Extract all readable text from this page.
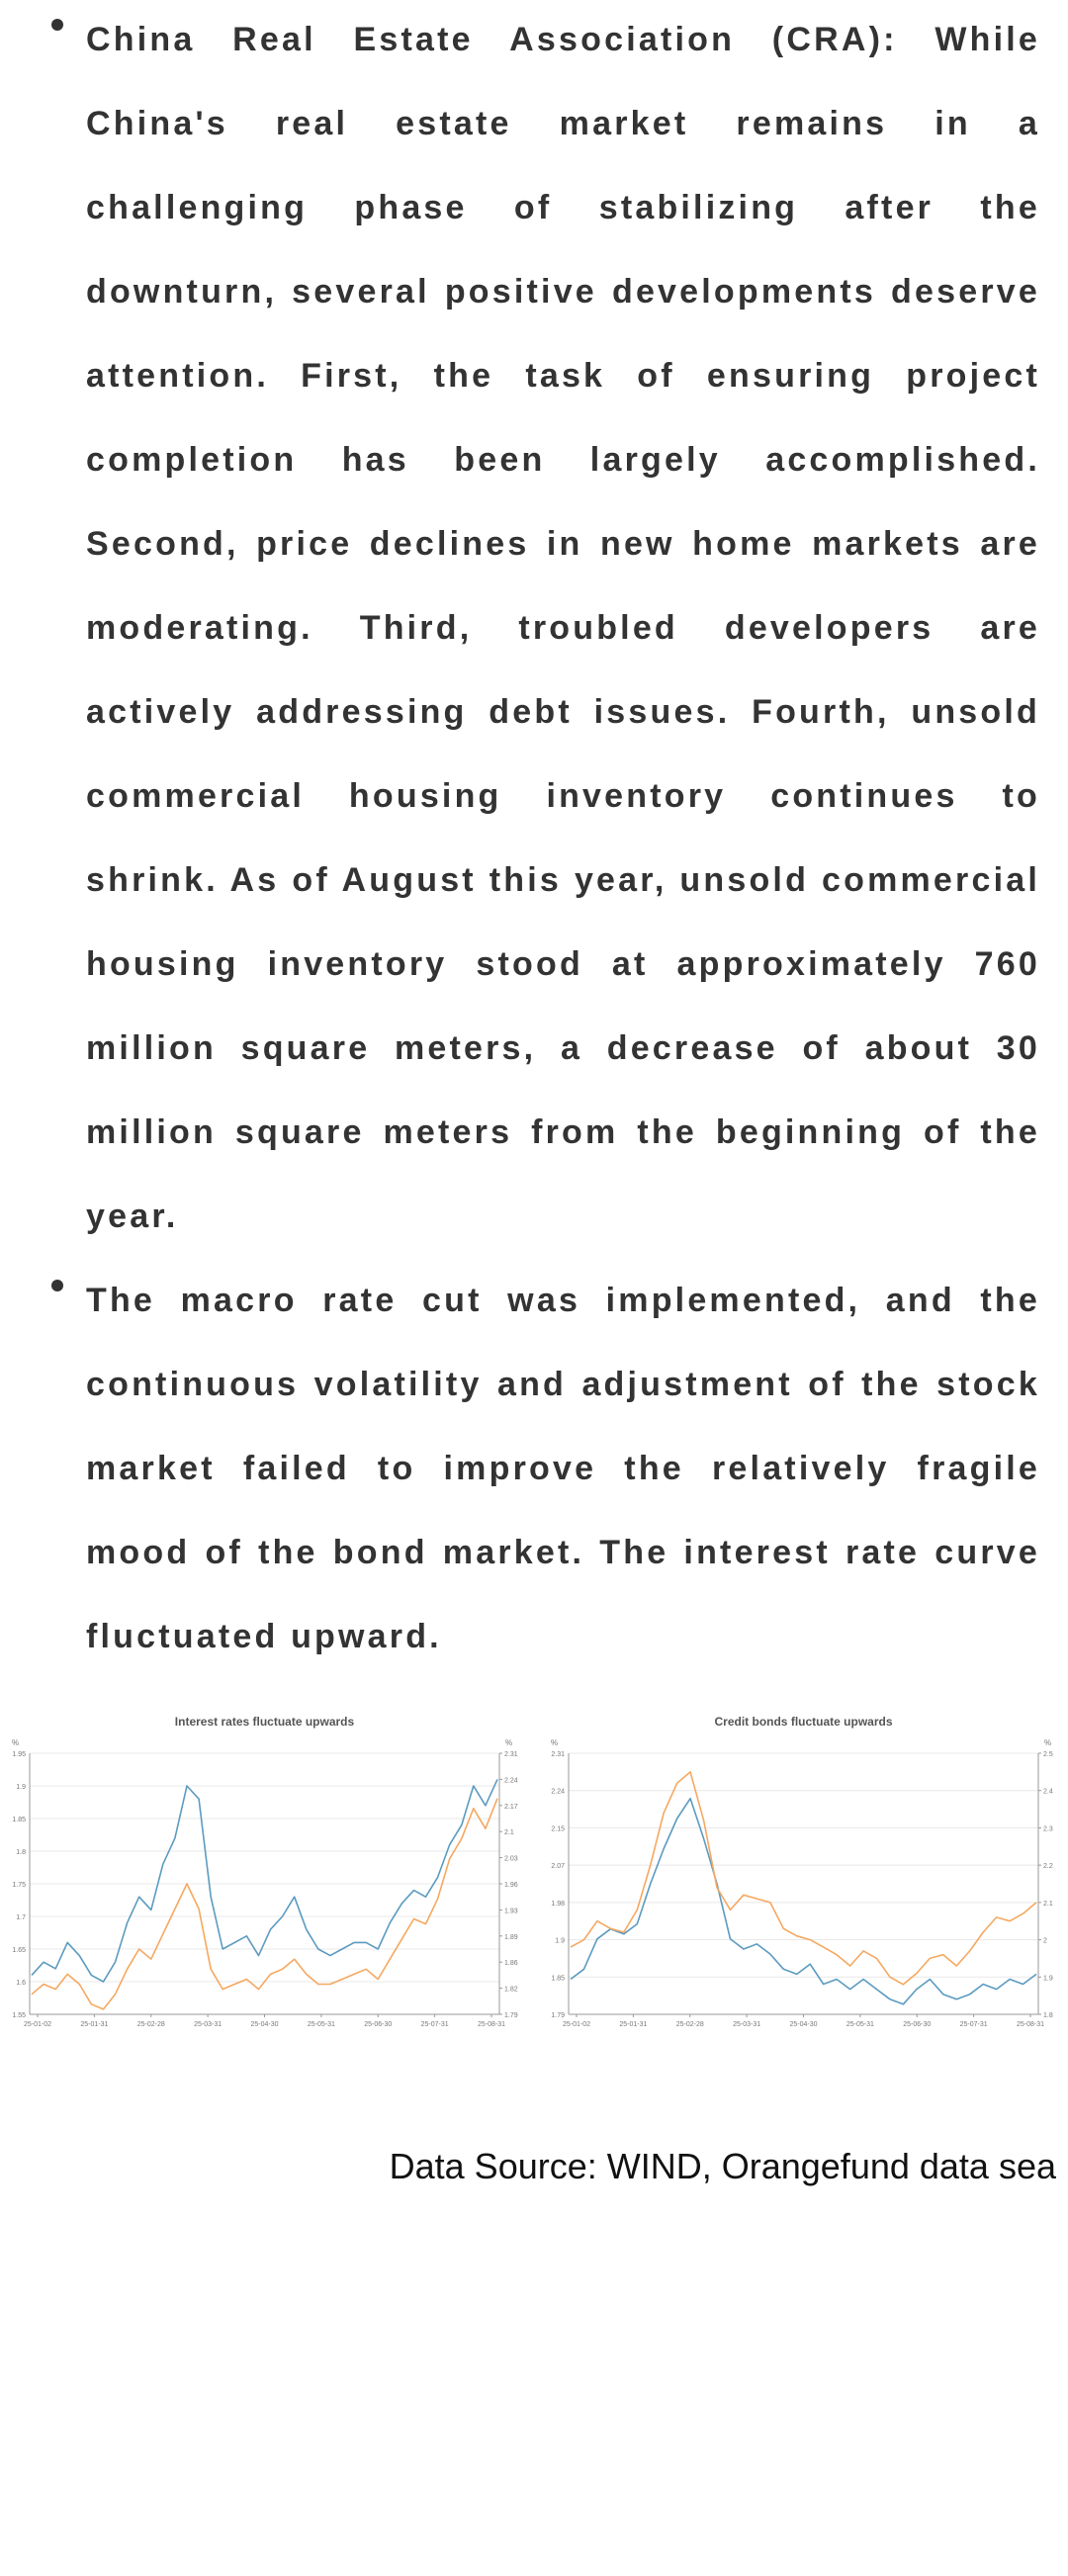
China Real Estate Association (CRA): While China's real estate market remains in a challenging phase of stabilizing after the downturn, several positive developments deserve attention. First, the task of ensuring project completion has been largely accomplished. Second, price declines in new home markets are moderating. Third, troubled developers are actively addressing debt issues. Fourth, unsold commercial housing inventory continues to shrink. As of August this year, unsold commercial housing inventory stood at approximately 760 million square meters, a decrease of about 30 million square meters from the beginning of the year.

The macro rate cut was implemented, and the continuous volatility and adjustment of the stock market failed to improve the relatively fragile mood of the bond market. The interest rate curve fluctuated upward.

Interest rates fluctuate upwards
%	%
1.55
1.6
1.65
1.7
1.75
1.8
1.85
1.9
1.95
1.79
1.82
1.86
1.89
1.93
1.96
2.03
2.1
2.17
2.24
2.31
25-01-02	25-01-31	25-02-28	25-03-31	25-04-30	25-05-31	25-06-30	25-07-31	25-08-31
Credit bonds fluctuate upwards
%	%
1.79
1.85
1.9
1.98
2.07
2.15
2.24
2.31
1.8
1.9
2
2.1
2.2
2.3
2.4
2.5
25-01-02	25-01-31	25-02-28	25-03-31	25-04-30	25-05-31	25-06-30	25-07-31	25-08-31
Data Source: WIND, Orangefund data sea
